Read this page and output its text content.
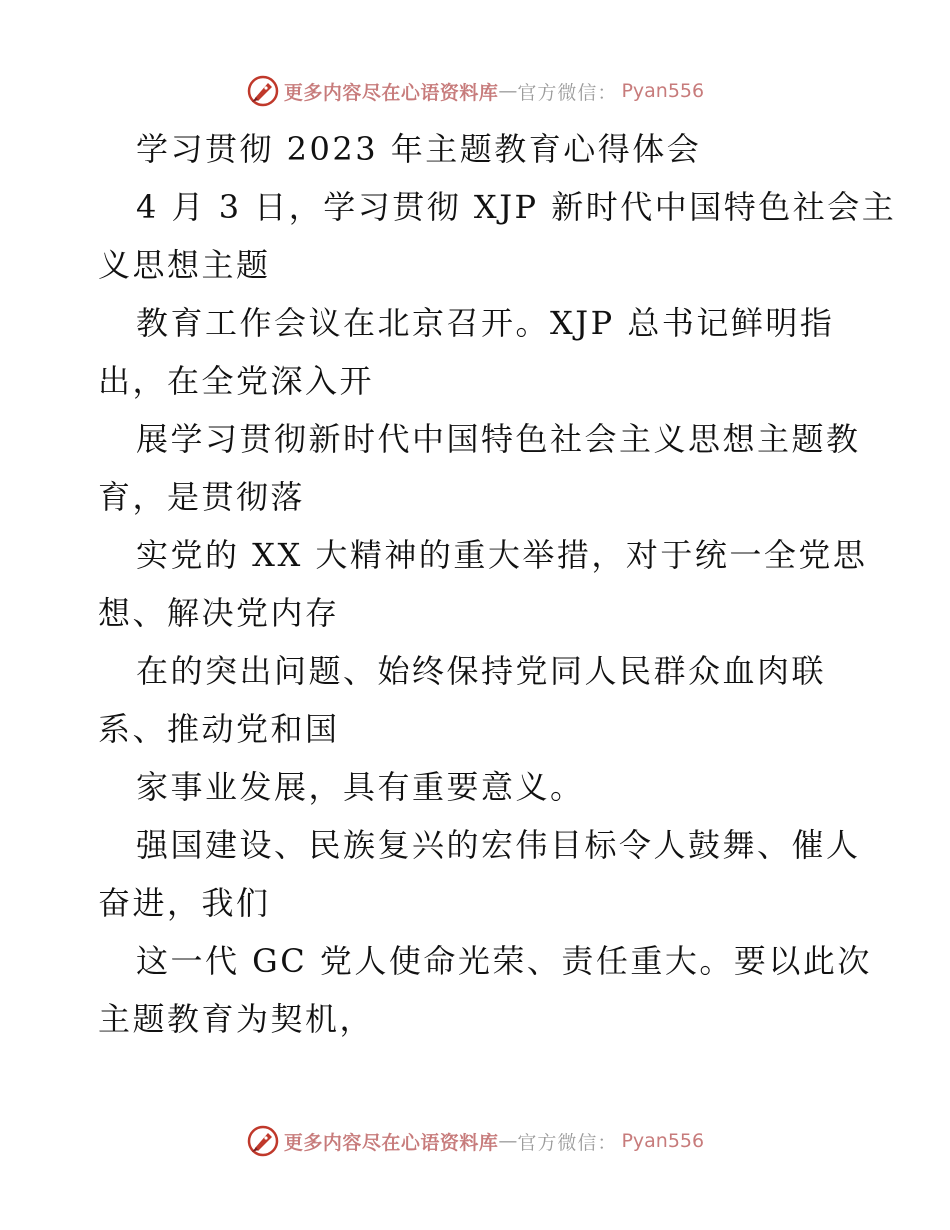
更多内容尽在心语资料库 — 官方微信： Pyan556
学习贯彻 2023 年主题教育心得体会
4 月 3 日，学习贯彻 XJP 新时代中国特色社会主
义思想主题
教育工作会议在北京召开。XJP 总书记鲜明指
出，在全党深入开
展学习贯彻新时代中国特色社会主义思想主题教
育，是贯彻落
实党的 XX 大精神的重大举措，对于统一全党思
想、解决党内存
在的突出问题、始终保持党同人民群众血肉联
系、推动党和国
家事业发展，具有重要意义。
强国建设、民族复兴的宏伟目标令人鼓舞、催人
奋进，我们
这一代 GC 党人使命光荣、责任重大。要以此次
主题教育为契机，
更多内容尽在心语资料库 — 官方微信： Pyan556
